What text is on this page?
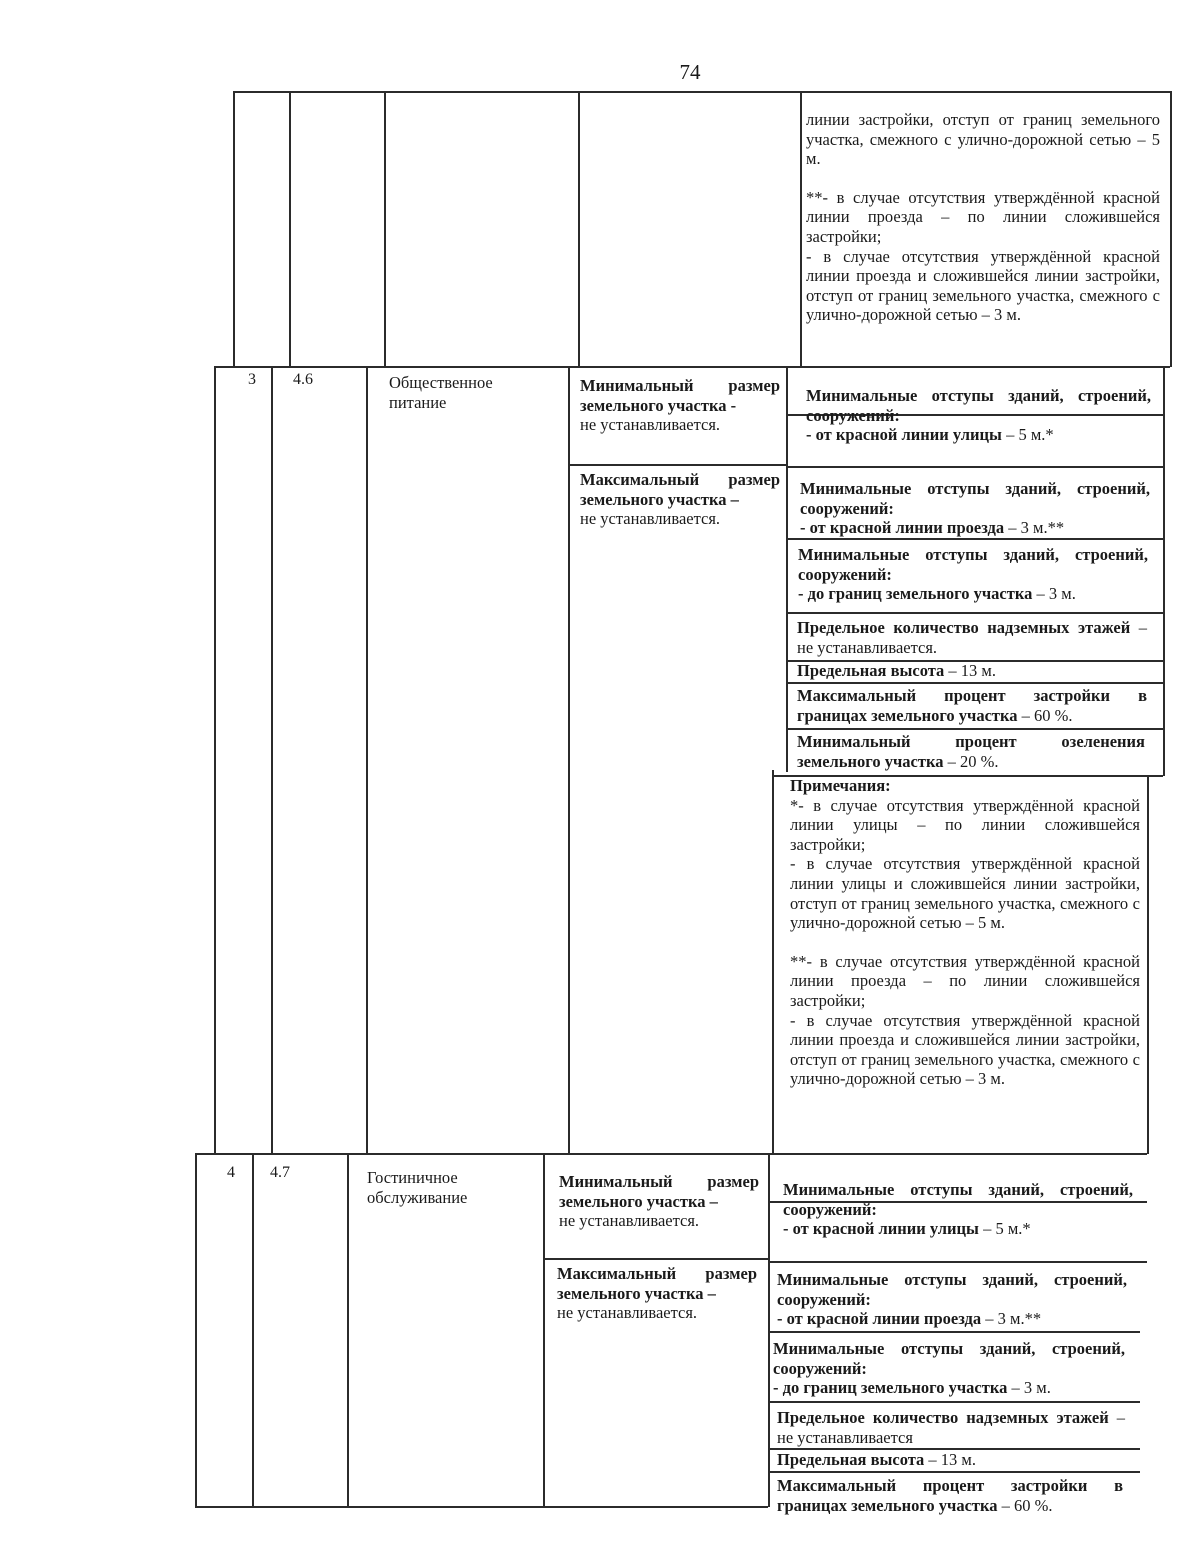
74
линии застройки, отступ от границ земельного участка, смежного с улично-дорожной сетью – 5 м.
**- в случае отсутствия утверждённой красной линии проезда – по линии сложившейся застройки;
- в случае отсутствия утверждённой красной линии проезда и сложившейся линии застройки, отступ от границ земельного участка, смежного с улично-дорожной сетью – 3 м.
3 4.6	Общественное питание
Минимальный размер земельного участка -
не устанавливается.
Максимальный размер земельного участка –
не устанавливается.
Минимальные отступы зданий, строений, сооружений:
- от красной линии улицы – 5 м.*
Минимальные отступы зданий, строений, сооружений:
- от красной линии проезда – 3 м.**
Минимальные отступы зданий, строений, сооружений:
- до границ земельного участка – 3 м.
Предельное количество надземных этажей – не устанавливается.
Предельная высота – 13 м.
Максимальный процент застройки в границах земельного участка – 60 %.
Минимальный процент озеленения земельного участка – 20 %.
Примечания:
*- в случае отсутствия утверждённой красной линии улицы – по линии сложившейся застройки;
- в случае отсутствия утверждённой красной линии улицы и сложившейся линии застройки, отступ от границ земельного участка, смежного с улично-дорожной сетью – 5 м.
**- в случае отсутствия утверждённой красной линии проезда – по линии сложившейся застройки;
- в случае отсутствия утверждённой красной линии проезда и сложившейся линии застройки, отступ от границ земельного участка, смежного с улично-дорожной сетью – 3 м.
4 4.7	Гостиничное обслуживание
Минимальный размер земельного участка –
не устанавливается.
Максимальный размер земельного участка –
не устанавливается.
Минимальные отступы зданий, строений, сооружений:
- от красной линии улицы – 5 м.*
Минимальные отступы зданий, строений, сооружений:
- от красной линии проезда – 3 м.**
Минимальные отступы зданий, строений, сооружений:
- до границ земельного участка – 3 м.
Предельное количество надземных этажей – не устанавливается
Предельная высота – 13 м.
Максимальный процент застройки в границах земельного участка – 60 %.
